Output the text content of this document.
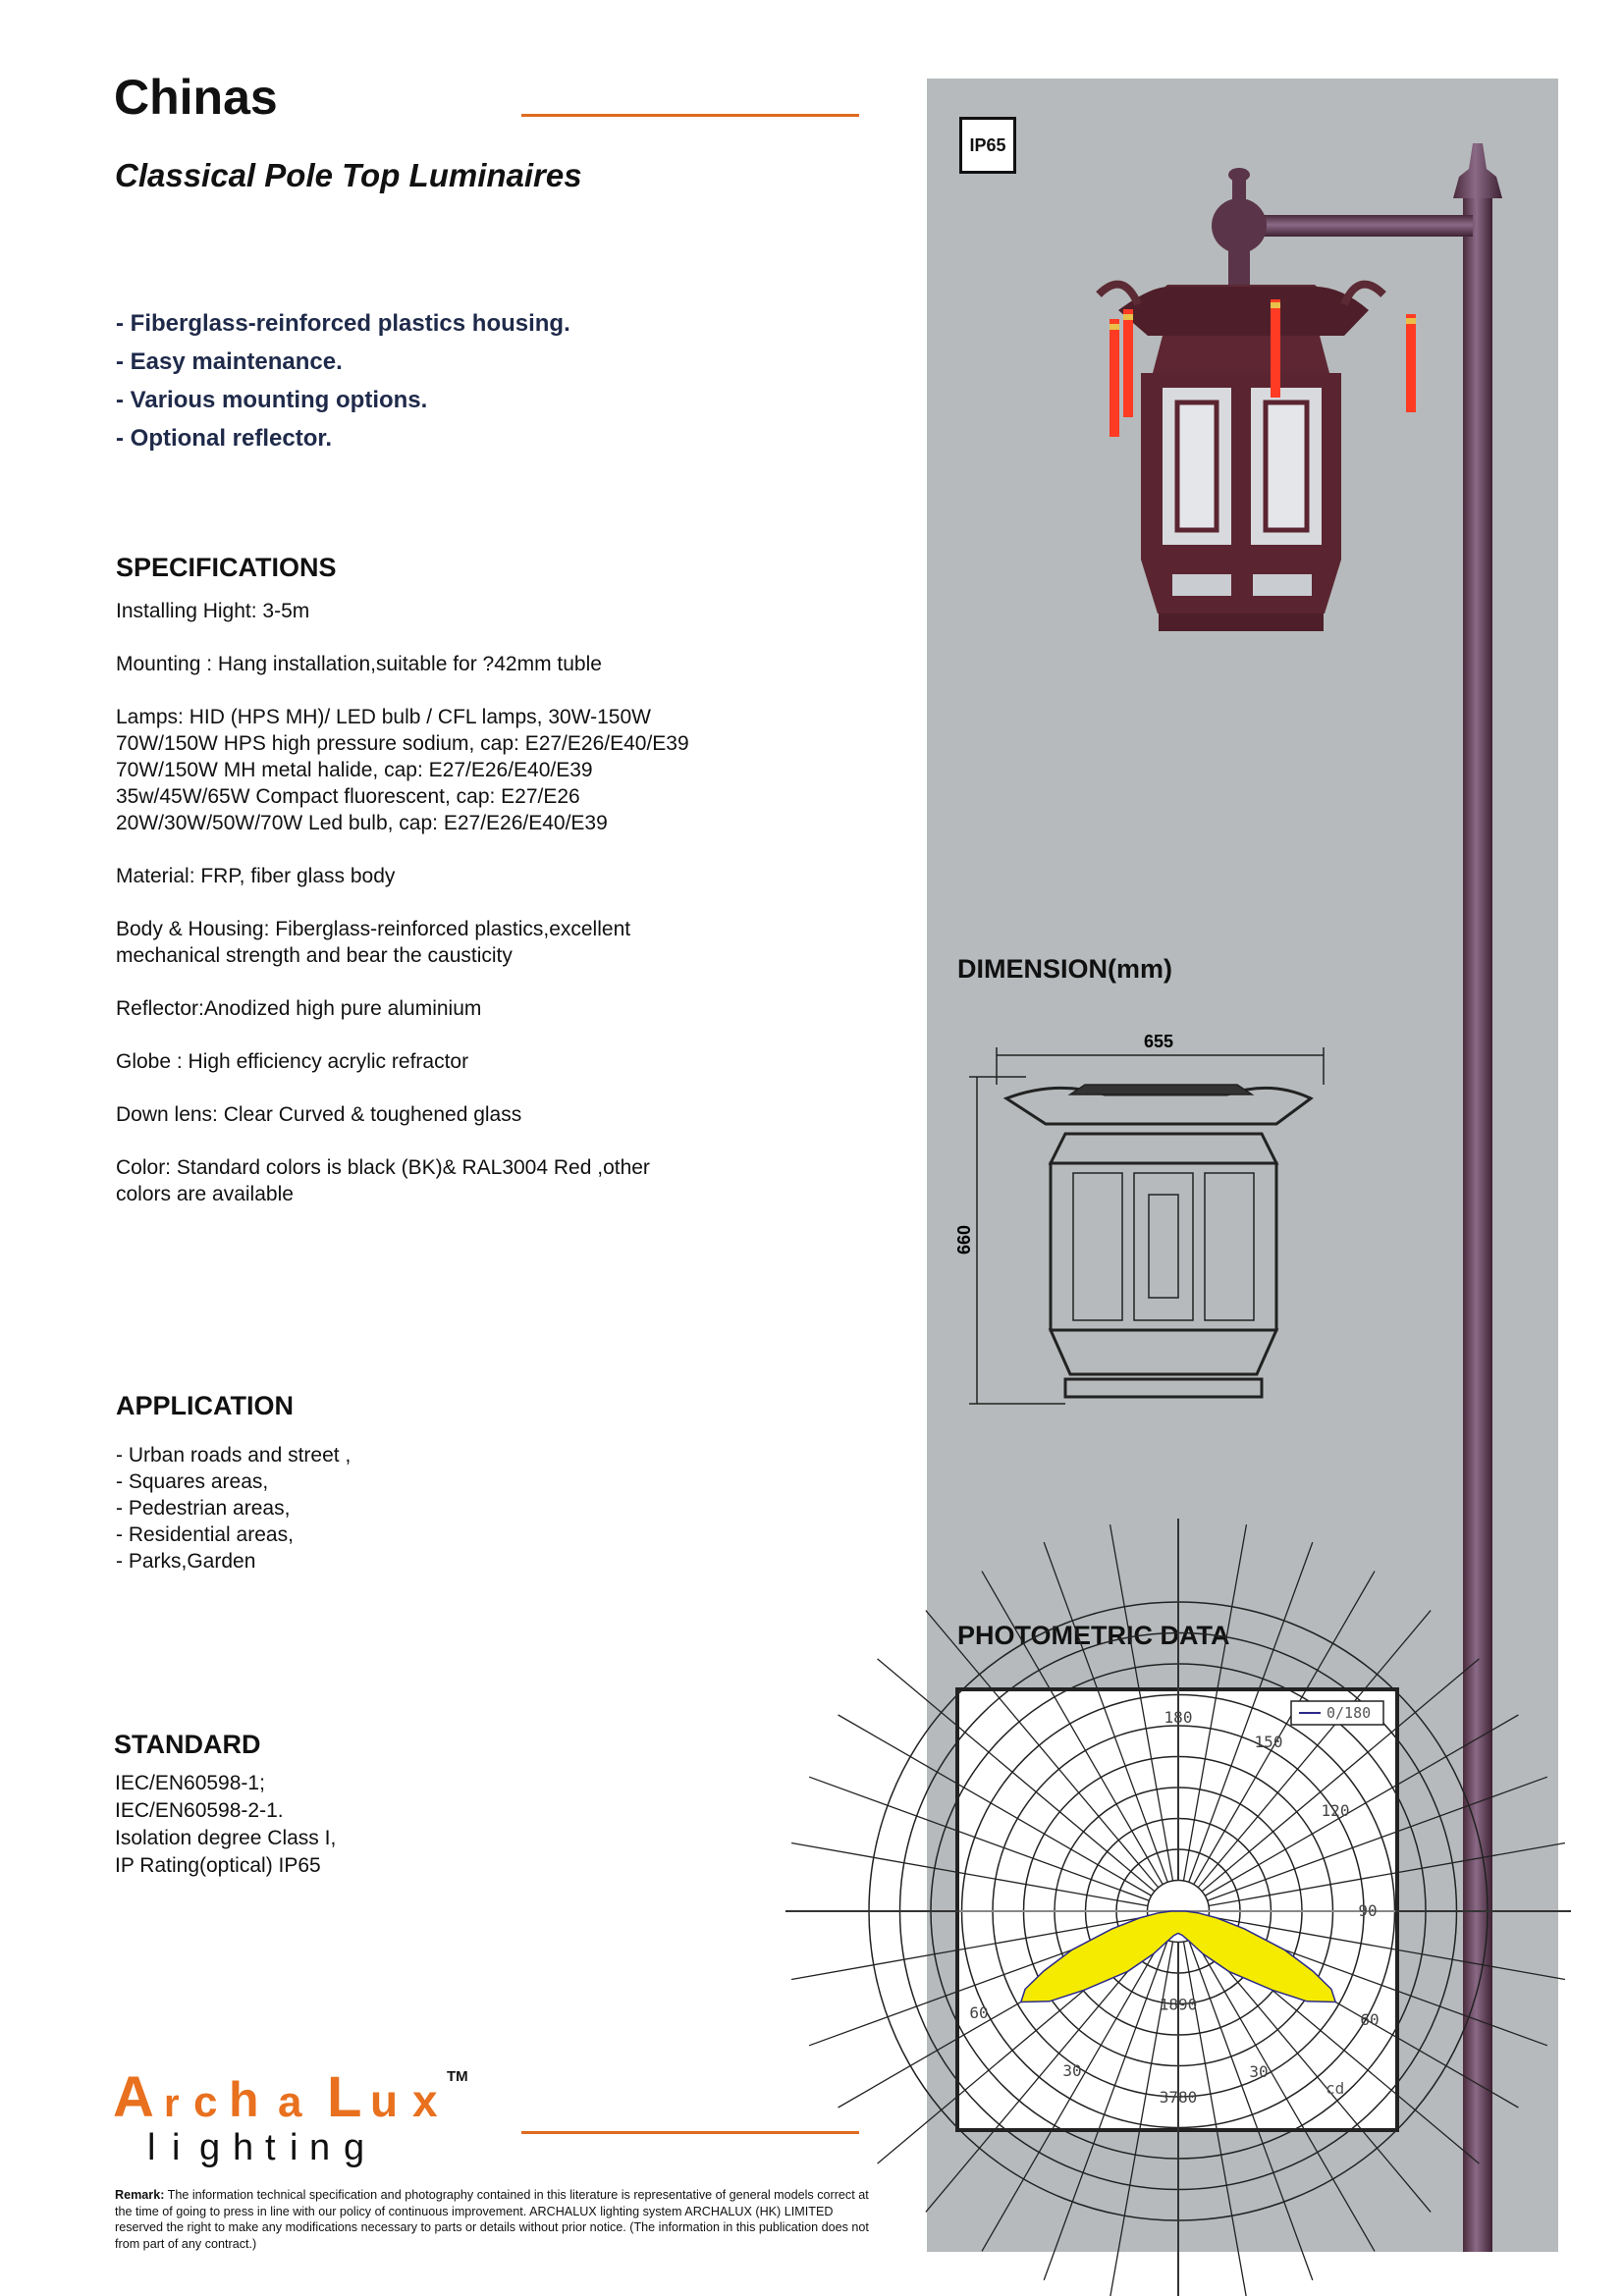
Chinas
Classical Pole Top Luminaires
- Fiberglass-reinforced plastics housing.
- Easy maintenance.
- Various mounting options.
- Optional reflector.
SPECIFICATIONS

Installing Hight: 3-5m

Mounting : Hang installation,suitable for ?42mm tuble

Lamps: HID (HPS MH)/ LED bulb / CFL lamps, 30W-150W
70W/150W HPS high pressure sodium, cap: E27/E26/E40/E39
70W/150W MH metal halide, cap: E27/E26/E40/E39
35w/45W/65W Compact fluorescent, cap: E27/E26
20W/30W/50W/70W Led bulb, cap: E27/E26/E40/E39

Material: FRP, fiber glass body

Body & Housing: Fiberglass-reinforced plastics,excellent
mechanical strength and bear the causticity

Reflector:Anodized high pure aluminium

Globe : High efficiency acrylic refractor

Down lens: Clear Curved & toughened glass

Color: Standard colors is black (BK)& RAL3004 Red ,other
colors are available

APPLICATION
- Urban roads and street ,
- Squares areas,
- Pedestrian areas,
- Residential areas,
- Parks,Garden
STANDARD
IEC/EN60598-1;
IEC/EN60598-2-1.
Isolation degree Class I,
IP Rating(optical) IP65
A r c h a L u x TM
l i g h t i n g
Remark: The information technical specification and photography contained in this literature is representative of general models correct at the time of going to press in line with our policy of continuous improvement. ARCHALUX lighting system ARCHALUX (HK) LIMITED reserved the right to make any modifications necessary to parts or details without prior notice. (The information in this publication does not from part of any contract.)
IP65
DIMENSION(mm)
655
660
PHOTOMETRIC DATA
180
150
120
90
60	60
30	30
1890
3780
0/180
cd
